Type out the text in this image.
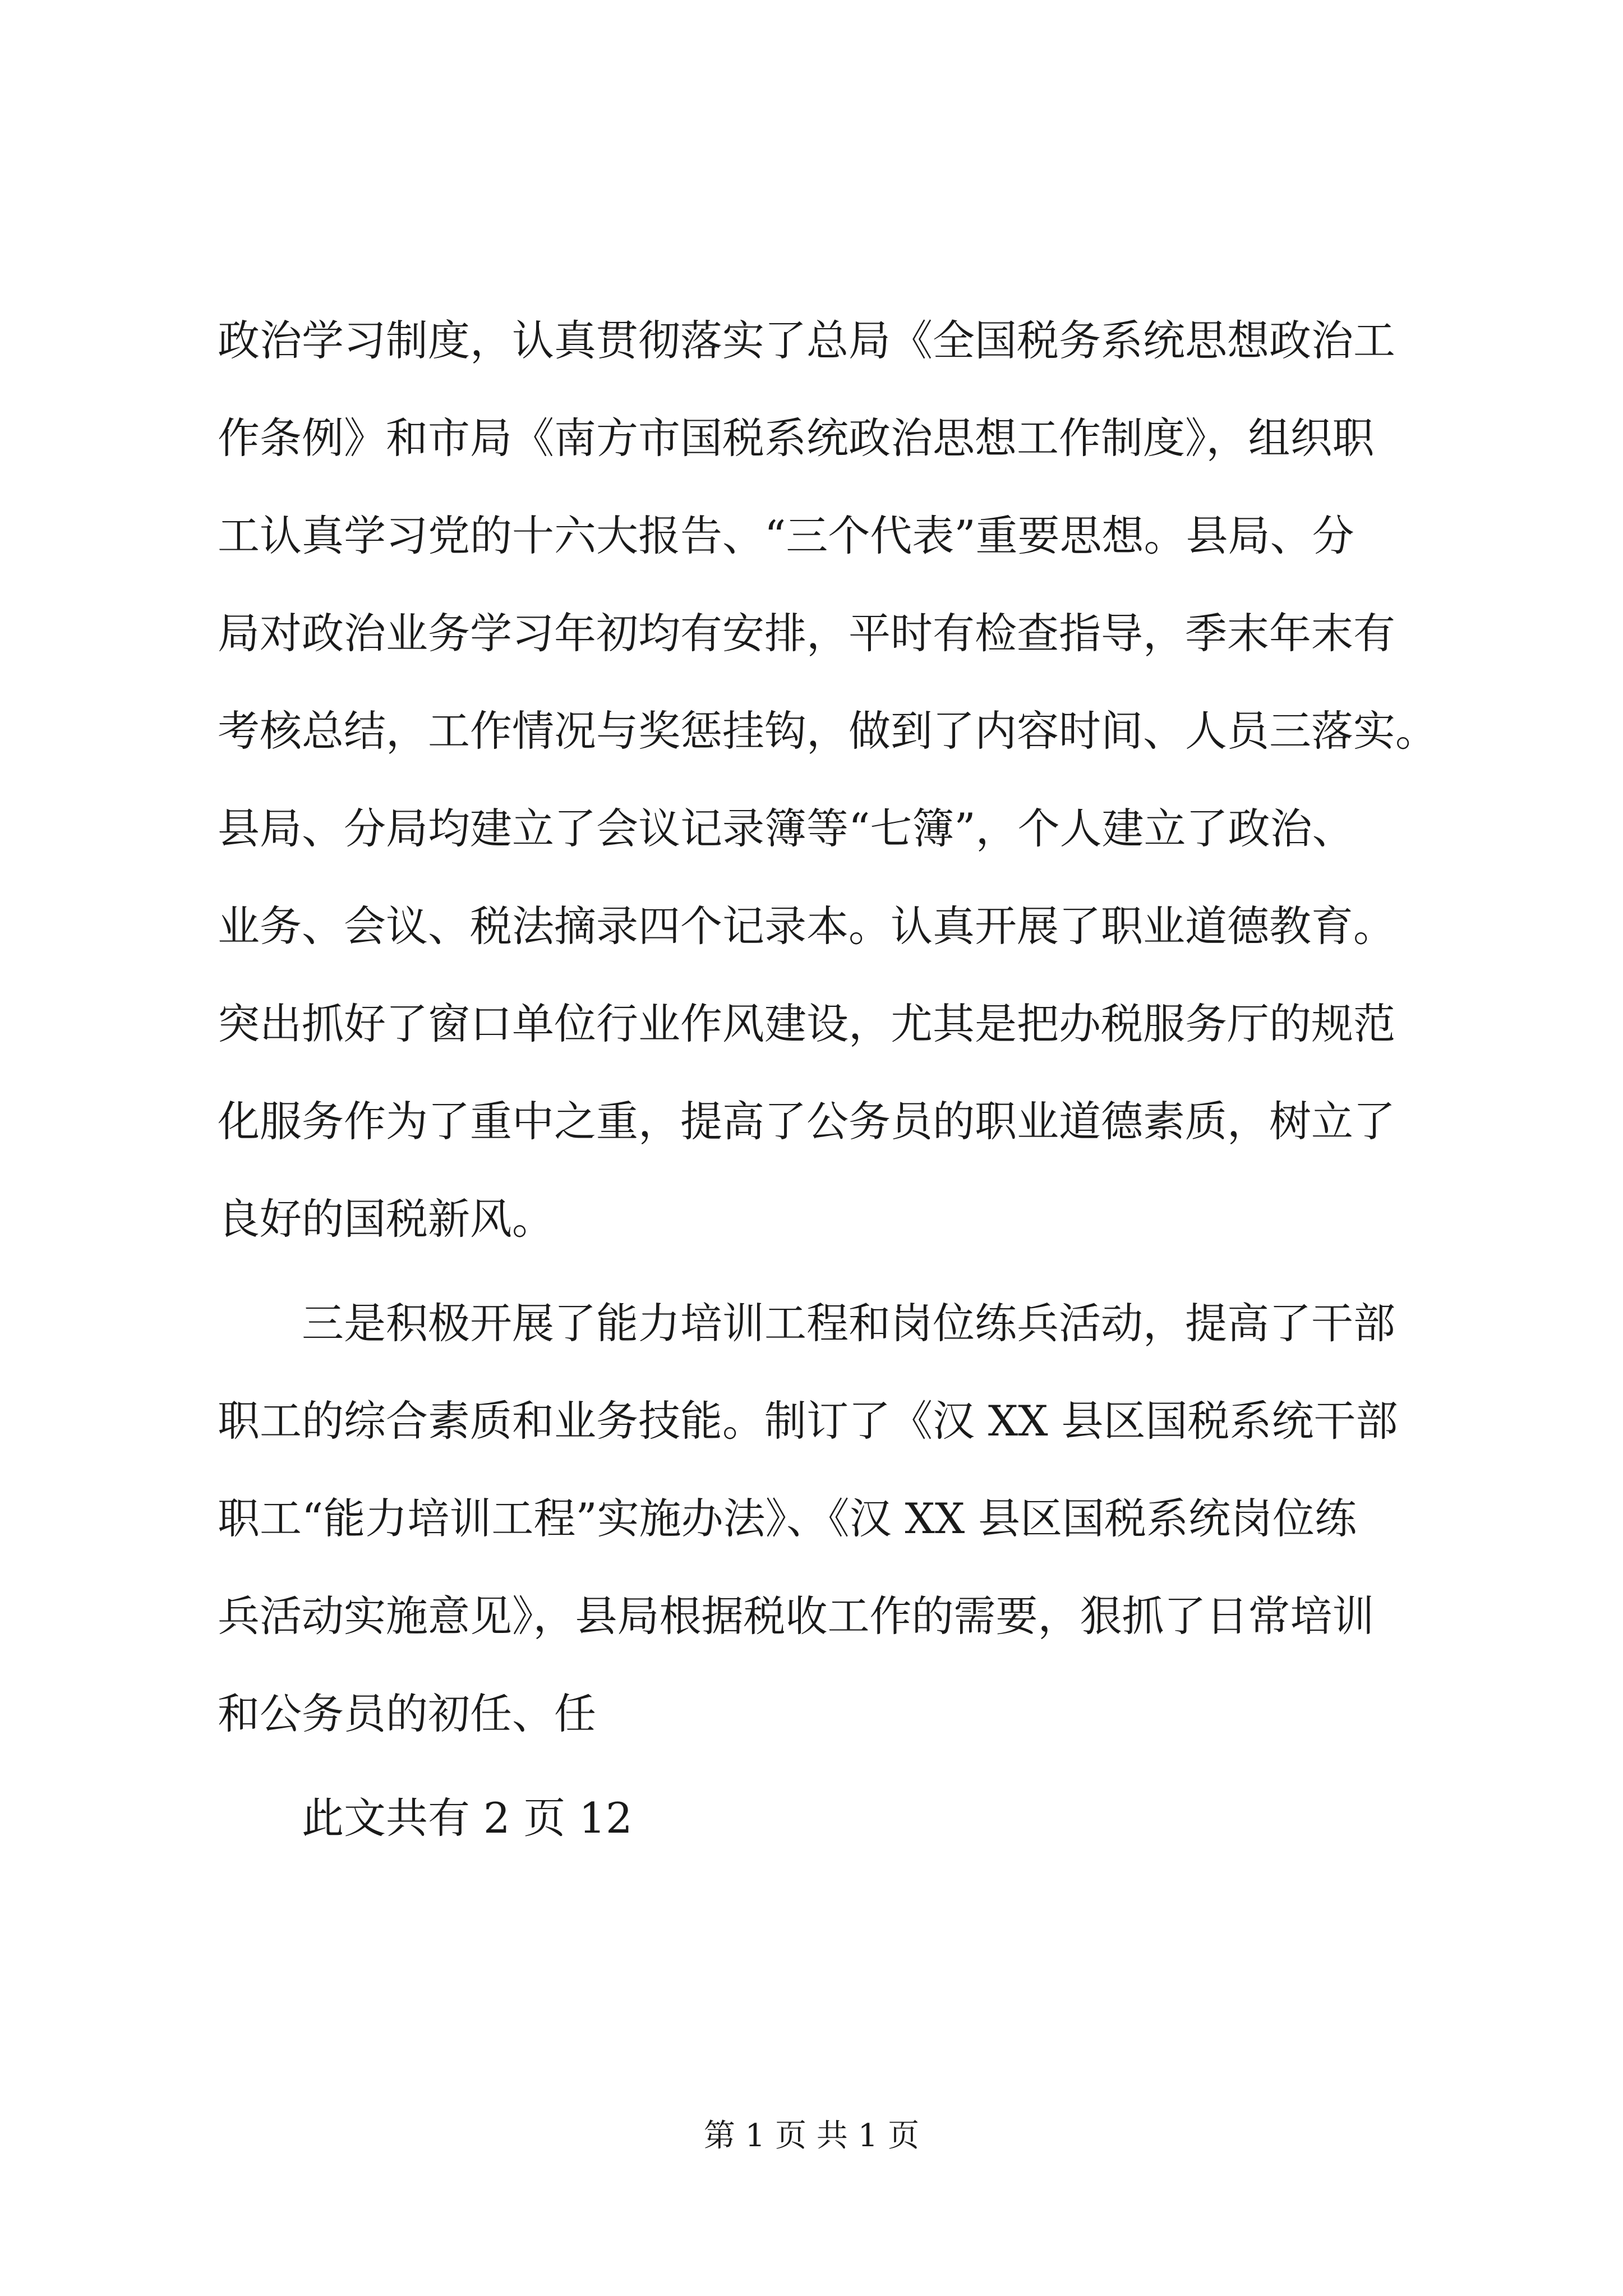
政治学习制度，认真贯彻落实了总局《全国税务系统思想政治工
作条例》和市局《南方市国税系统政治思想工作制度》，组织职
工认真学习党的十六大报告、“三个代表”重要思想。县局、分
局对政治业务学习年初均有安排，平时有检查指导，季末年末有
考核总结，工作情况与奖惩挂钩，做到了内容时间、人员三落实。
县局、分局均建立了会议记录簿等“七簿”，个人建立了政治、
业务、会议、税法摘录四个记录本。认真开展了职业道德教育。
突出抓好了窗口单位行业作风建设，尤其是把办税服务厅的规范
化服务作为了重中之重，提高了公务员的职业道德素质，树立了
良好的国税新风。
三是积极开展了能力培训工程和岗位练兵活动，提高了干部
职工的综合素质和业务技能。制订了《汉 XX 县区国税系统干部
职工“能力培训工程”实施办法》、《汉 XX 县区国税系统岗位练
兵活动实施意见》，县局根据税收工作的需要，狠抓了日常培训
和公务员的初任、任
此文共有 2 页 12
第 1 页 共 1 页
